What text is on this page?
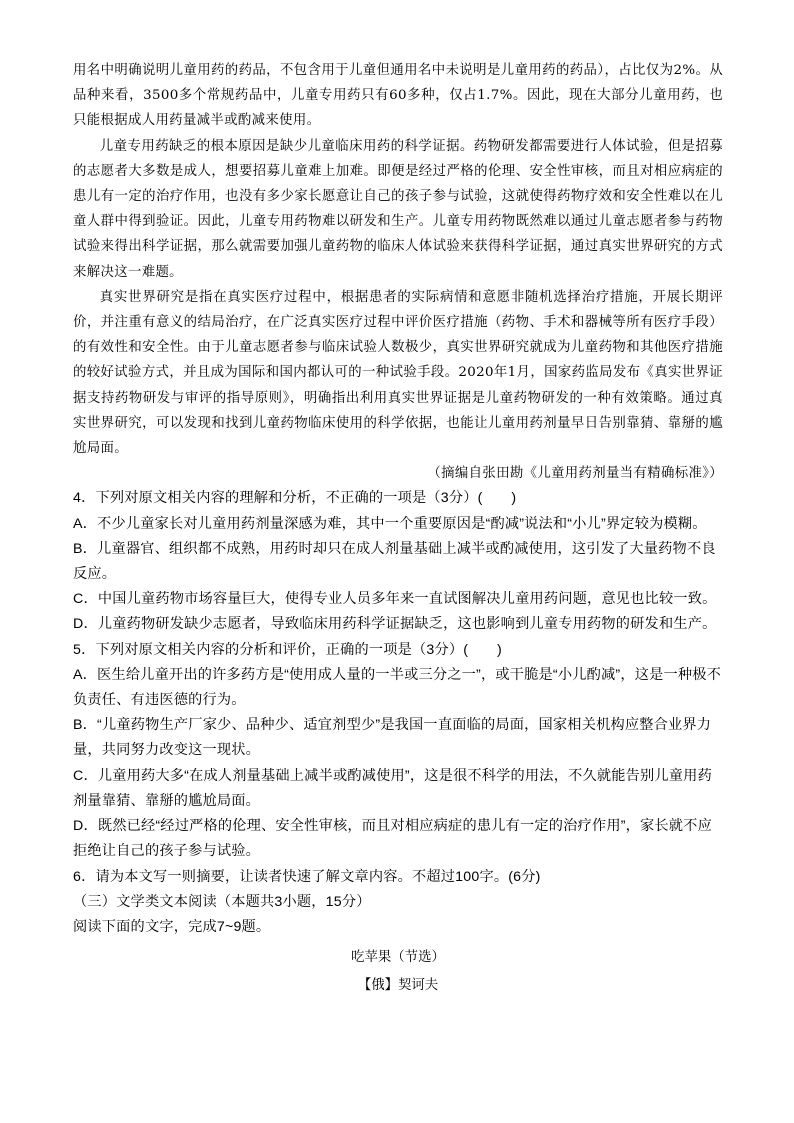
用名中明确说明儿童用药的药品，不包含用于儿童但通用名中未说明是儿童用药的药品），占比仅为2%。从品种来看，3500多个常规药品中，儿童专用药只有60多种，仅占1.7%。因此，现在大部分儿童用药，也只能根据成人用药量减半或酌减来使用。

儿童专用药缺乏的根本原因是缺少儿童临床用药的科学证据。药物研发都需要进行人体试验，但是招募的志愿者大多数是成人，想要招募儿童难上加难。即便是经过严格的伦理、安全性审核，而且对相应病症的患儿有一定的治疗作用，也没有多少家长愿意让自己的孩子参与试验，这就使得药物疗效和安全性难以在儿童人群中得到验证。因此，儿童专用药物难以研发和生产。儿童专用药物既然难以通过儿童志愿者参与药物试验来得出科学证据，那么就需要加强儿童药物的临床人体试验来获得科学证据，通过真实世界研究的方式来解决这一难题。

真实世界研究是指在真实医疗过程中，根据患者的实际病情和意愿非随机选择治疗措施，开展长期评价，并注重有意义的结局治疗，在广泛真实医疗过程中评价医疗措施（药物、手术和器械等所有医疗手段）的有效性和安全性。由于儿童志愿者参与临床试验人数极少，真实世界研究就成为儿童药物和其他医疗措施的较好试验方式，并且成为国际和国内都认可的一种试验手段。2020年1月，国家药监局发布《真实世界证据支持药物研发与审评的指导原则》，明确指出利用真实世界证据是儿童药物研发的一种有效策略。通过真实世界研究，可以发现和找到儿童药物临床使用的科学依据，也能让儿童用药剂量早日告别靠猜、靠掰的尴尬局面。

（摘编自张田勘《儿童用药剂量当有精确标准》）

4．下列对原文相关内容的理解和分析，不正确的一项是（3分）(　　)

A．不少儿童家长对儿童用药剂量深感为难，其中一个重要原因是“酌减”说法和“小儿”界定较为模糊。

B．儿童器官、组织都不成熟，用药时却只在成人剂量基础上减半或酌减使用，这引发了大量药物不良反应。

C．中国儿童药物市场容量巨大，使得专业人员多年来一直试图解决儿童用药问题，意见也比较一致。

D．儿童药物研发缺少志愿者，导致临床用药科学证据缺乏，这也影响到儿童专用药物的研发和生产。

5．下列对原文相关内容的分析和评价，正确的一项是（3分）(　　)

A．医生给儿童开出的许多药方是“使用成人量的一半或三分之一”，或干脆是“小儿酌减”，这是一种极不负责任、有违医德的行为。

B．“儿童药物生产厂家少、品种少、适宜剂型少”是我国一直面临的局面，国家相关机构应整合业界力量，共同努力改变这一现状。

C．儿童用药大多“在成人剂量基础上减半或酌减使用”，这是很不科学的用法，不久就能告别儿童用药剂量靠猜、靠掰的尴尬局面。

D．既然已经“经过严格的伦理、安全性审核，而且对相应病症的患儿有一定的治疗作用”，家长就不应拒绝让自己的孩子参与试验。

6．请为本文写一则摘要，让读者快速了解文章内容。不超过100字。(6分)

（三）文学类文本阅读（本题共3小题，15分）

阅读下面的文字，完成7~9题。

吃苹果（节选）
【俄】契诃夫
